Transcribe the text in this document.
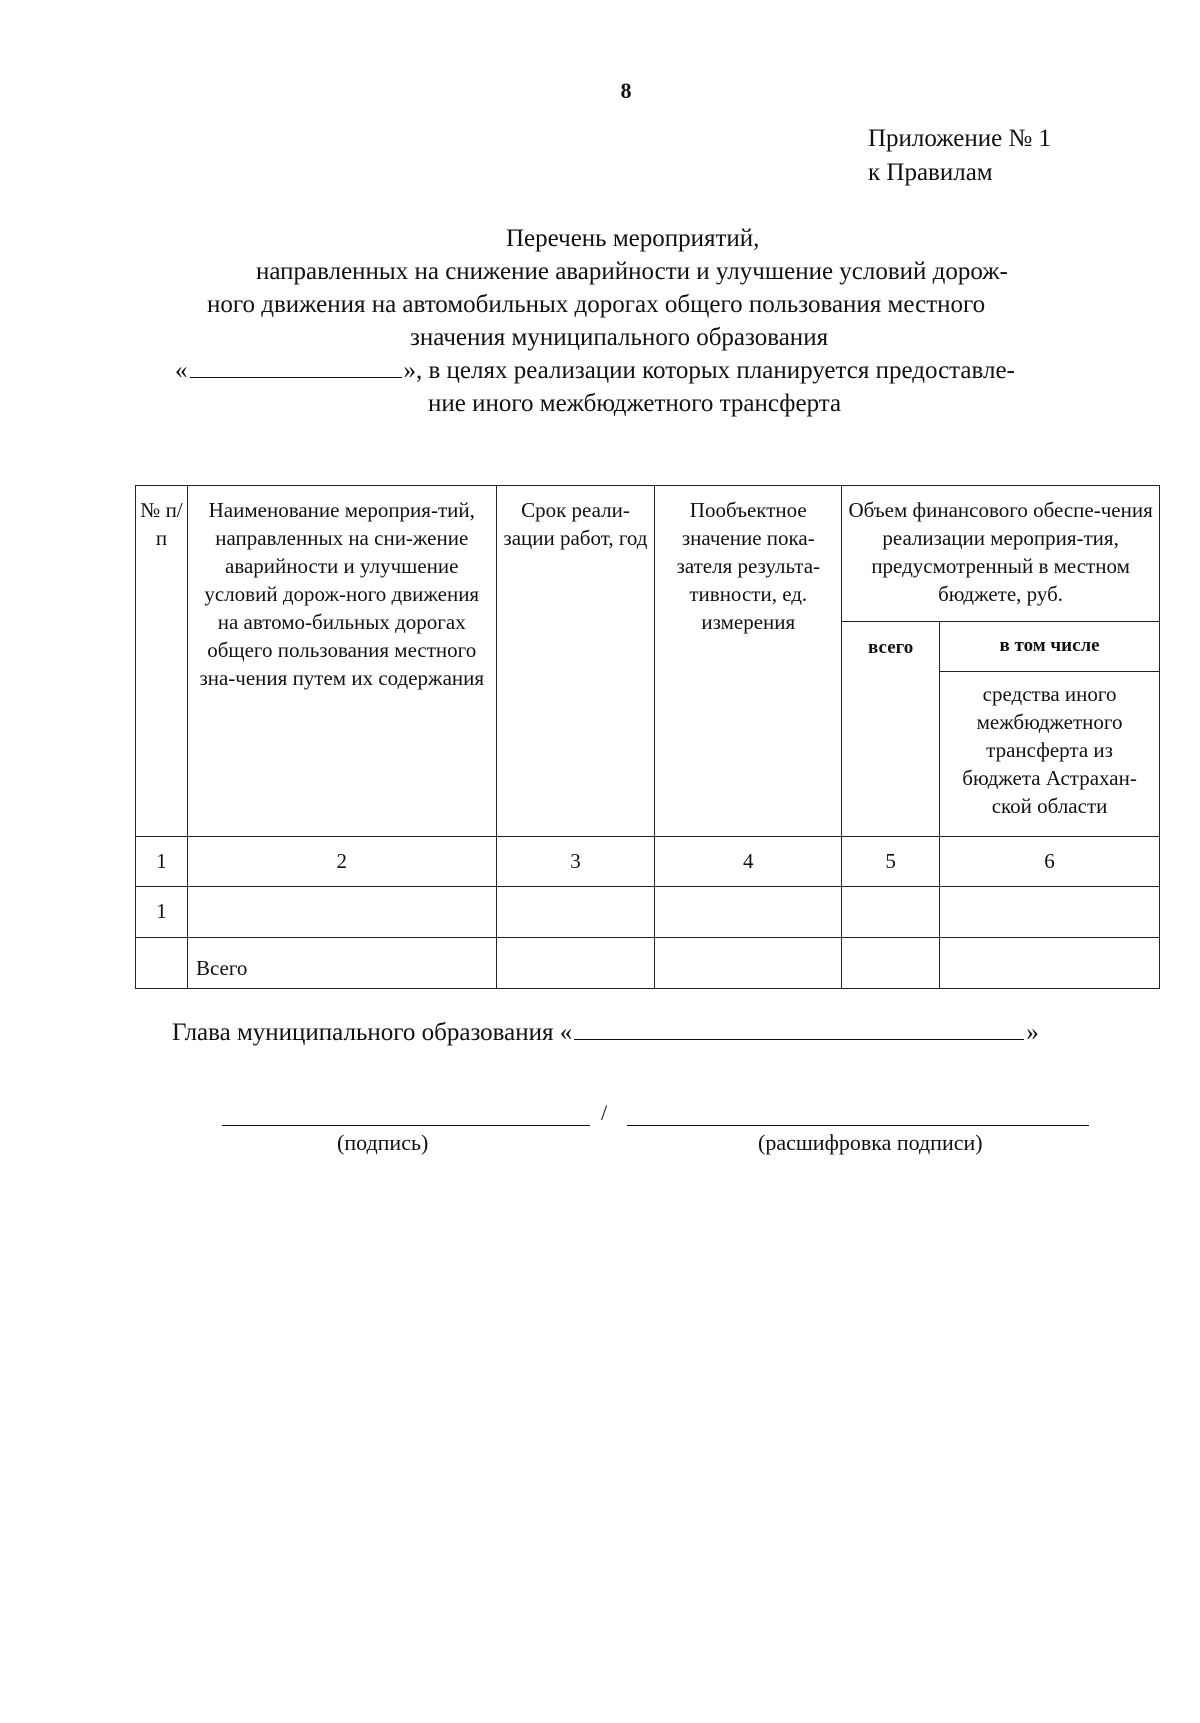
8
Приложение № 1
к Правилам
Перечень мероприятий,
направленных на снижение аварийности и улучшение условий дорож-
ного движения на автомобильных дорогах общего пользования местного
значения муниципального образования
«	», в целях реализации которых планируется предоставле-
ние иного межбюджетного трансферта
№ п/п	Наименование мероприя-тий, направленных на сни-жение аварийности и улучшение условий дорож-ного движения на автомо-бильных дорогах общего пользования местного зна-чения путем их содержания	Срок реали-зации работ, год	Пообъектное значение пока-зателя результа-тивности, ед. измерения	Объем финансового обеспе-чения реализации мероприя-тия, предусмотренный в местном бюджете, руб.	
				всего	в том числе
					средства иного межбюджетного трансферта из бюджета Астрахан-ской области
1	2	3	4	5	6
1					
	Всего				
Глава муниципального образования «	»
/
(подпись)	(расшифровка подписи)
